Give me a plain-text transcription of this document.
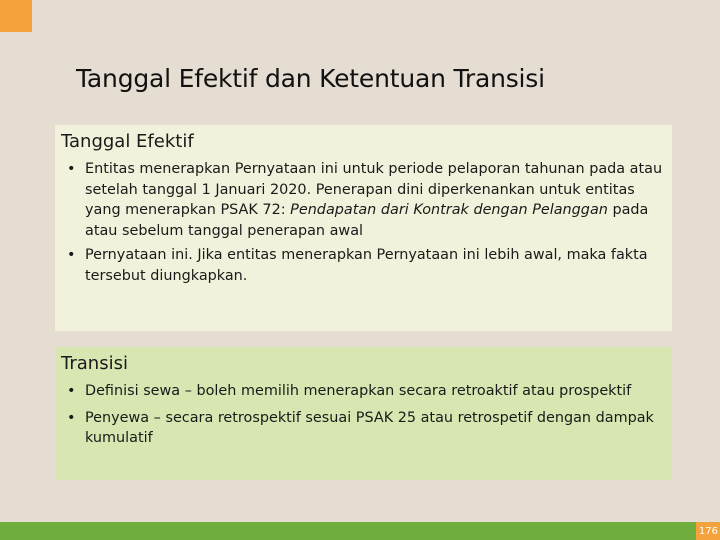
Tanggal Efektif dan Ketentuan Transisi
Tanggal Efektif
• Entitas menerapkan Pernyataan ini untuk periode pelaporan tahunan pada atau setelah tanggal 1 Januari 2020. Penerapan dini diperkenankan untuk entitas yang menerapkan PSAK 72: Pendapatan dari Kontrak dengan Pelanggan pada atau sebelum tanggal penerapan awal
• Pernyataan ini. Jika entitas menerapkan Pernyataan ini lebih awal, maka fakta tersebut diungkapkan.
Transisi
• Definisi sewa – boleh memilih menerapkan secara retroaktif atau prospektif
• Penyewa – secara retrospektif sesuai PSAK 25 atau retrospetif dengan dampak kumulatif
176
